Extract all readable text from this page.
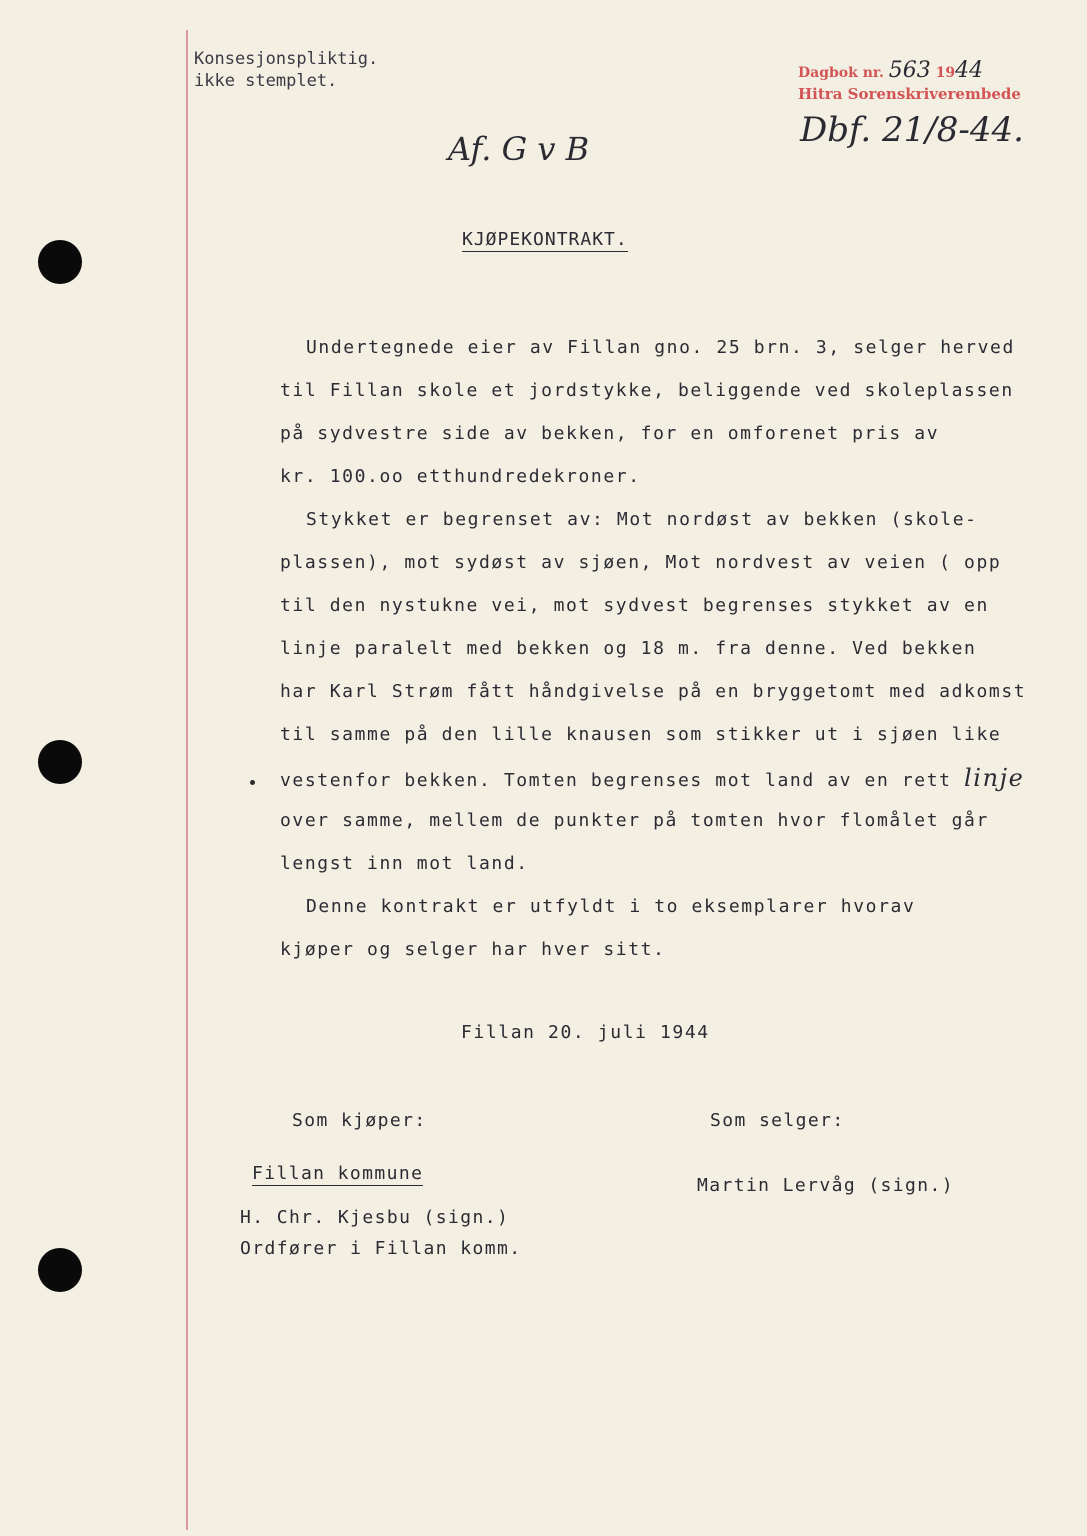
Konsesjonspliktig.
ikke stemplet.	Dagbok nr. 563 1944
Hitra Sorenskriverembede
Dbf. 21/8-44.
Af. G v B
KJØPEKONTRAKT.
Undertegnede eier av Fillan gno. 25 brn. 3, selger herved
til Fillan skole et jordstykke, beliggende ved skoleplassen
på sydvestre side av bekken, for en omforenet pris av
kr. 100.oo etthundredekroner.
Stykket er begrenset av: Mot nordøst av bekken (skole-
plassen), mot sydøst av sjøen, Mot nordvest av veien ( opp
til den nystukne vei, mot sydvest begrenses stykket av en
linje paralelt med bekken og 18 m. fra denne. Ved bekken
har Karl Strøm fått håndgivelse på en bryggetomt med adkomst
til samme på den lille knausen som stikker ut i sjøen like
vestenfor bekken. Tomten begrenses mot land av en rett linje
over samme, mellem de punkter på tomten hvor flomålet går
lengst inn mot land.
Denne kontrakt er utfyldt i to eksemplarer hvorav
kjøper og selger har hver sitt.
Fillan 20. juli 1944
Som kjøper:	Som selger:
Fillan kommune
Martin Lervåg (sign.)
H. Chr. Kjesbu (sign.)
Ordfører i Fillan komm.
